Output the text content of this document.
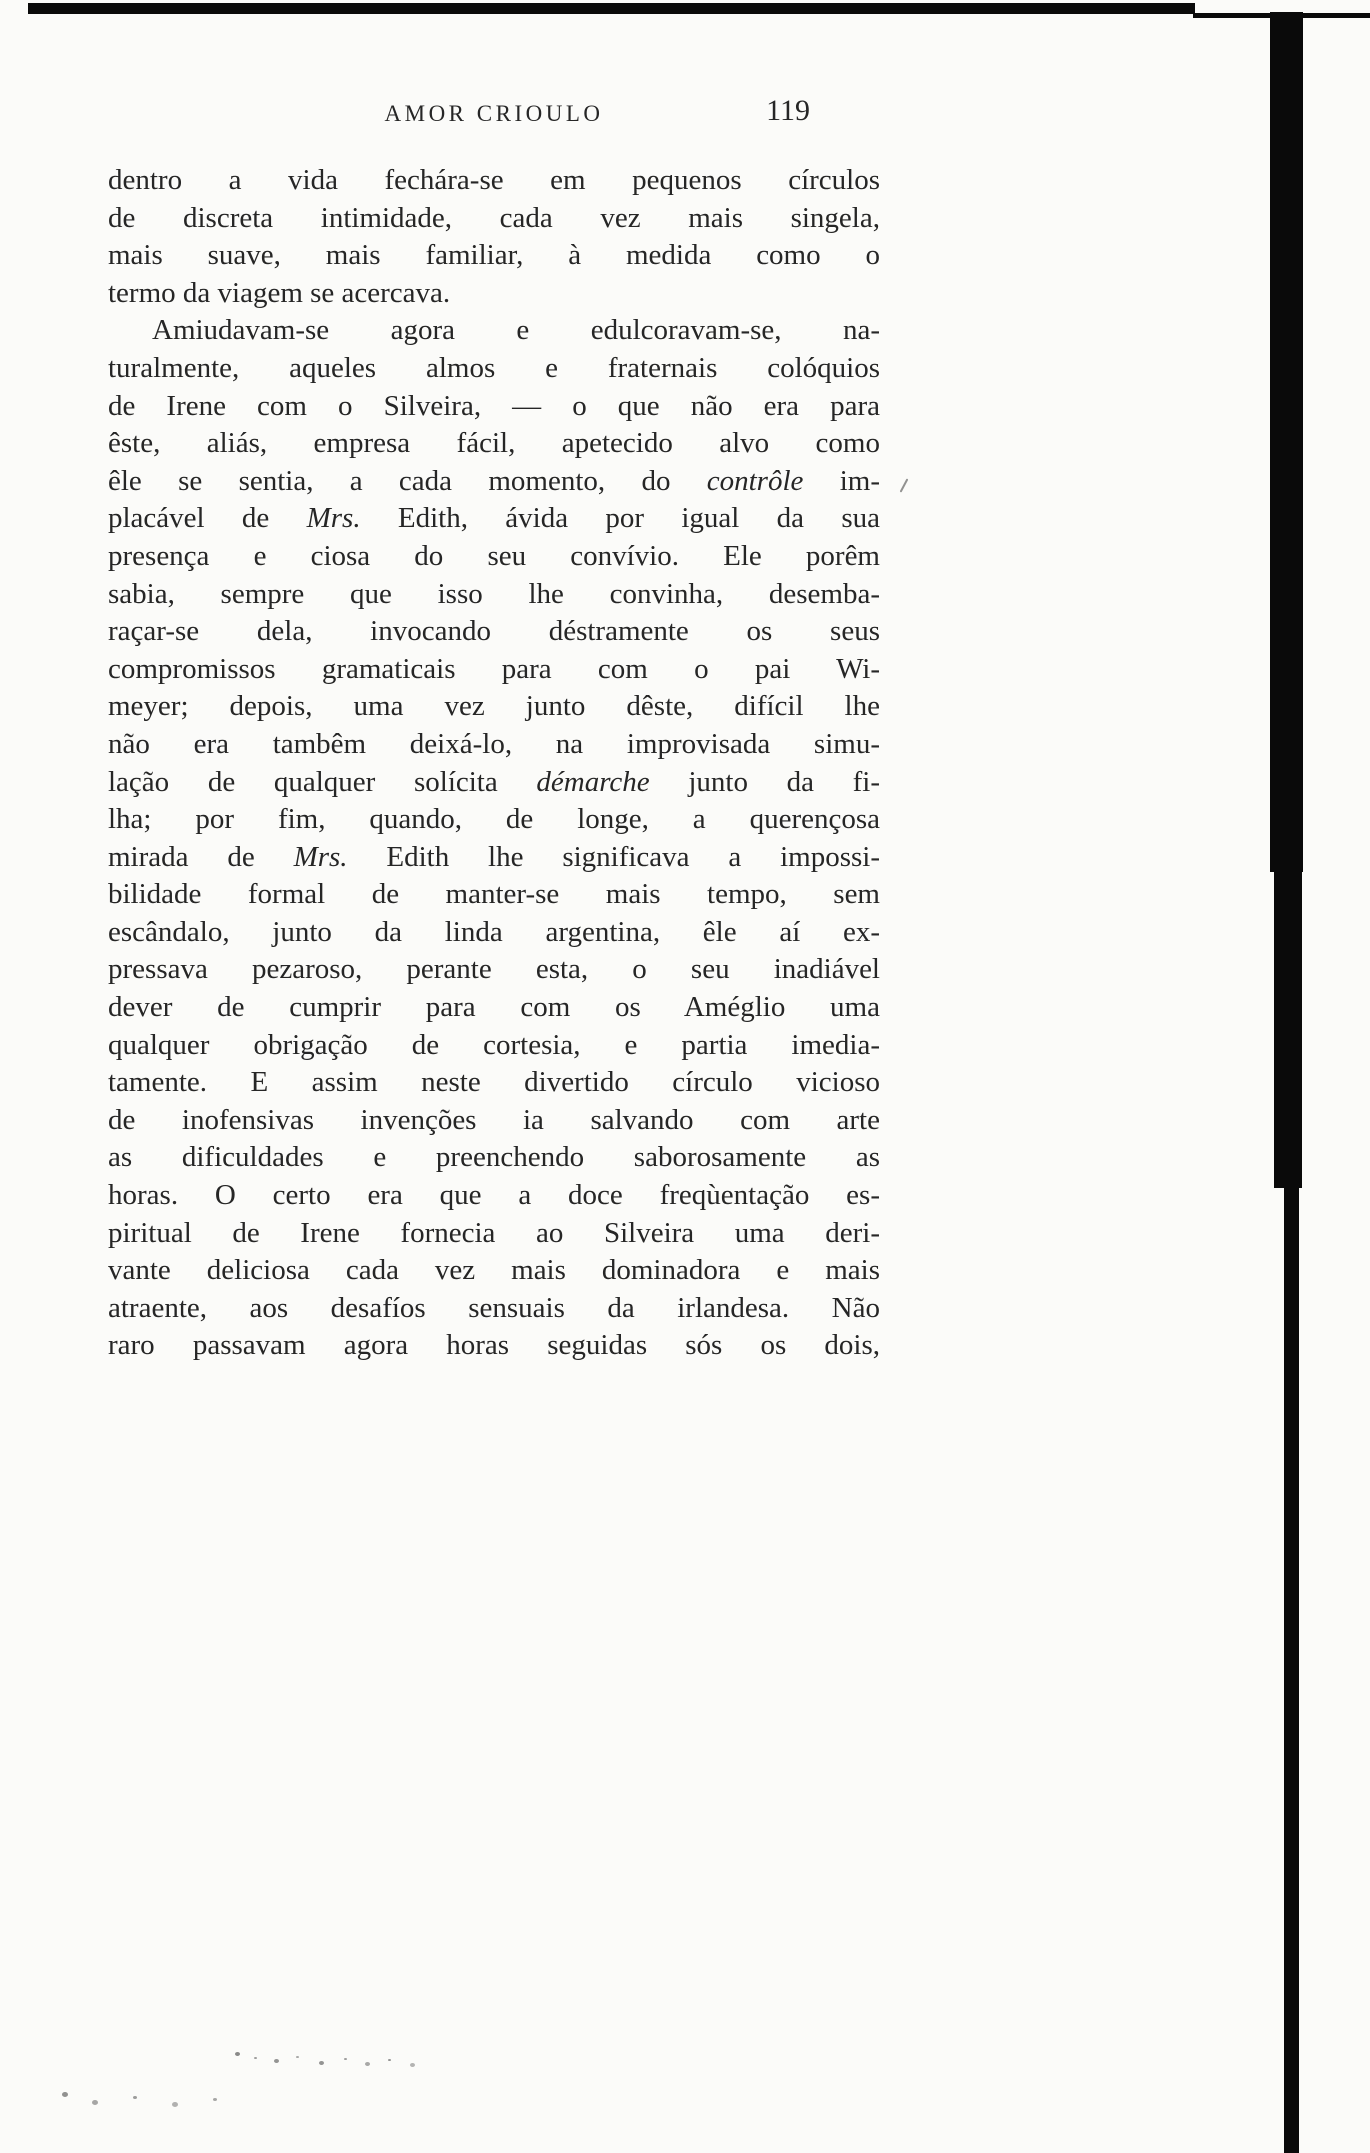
AMOR CRIOULO	119
dentro a vida fechára-se em pequenos círculos
de discreta intimidade, cada vez mais singela,
mais suave, mais familiar, à medida como o
termo da viagem se acercava.
Amiudavam-se agora e edulcoravam-se, na-
turalmente, aqueles almos e fraternais colóquios
de Irene com o Silveira, — o que não era para
êste, aliás, empresa fácil, apetecido alvo como
êle se sentia, a cada momento, do contrôle im-
placável de Mrs. Edith, ávida por igual da sua
presença e ciosa do seu convívio. Ele porêm
sabia, sempre que isso lhe convinha, desemba-
raçar-se dela, invocando déstramente os seus
compromissos gramaticais para com o pai Wi-
meyer; depois, uma vez junto dêste, difícil lhe
não era tambêm deixá-lo, na improvisada simu-
lação de qualquer solícita démarche junto da fi-
lha; por fim, quando, de longe, a querençosa
mirada de Mrs. Edith lhe significava a impossi-
bilidade formal de manter-se mais tempo, sem
escândalo, junto da linda argentina, êle aí ex-
pressava pezaroso, perante esta, o seu inadiável
dever de cumprir para com os Améglio uma
qualquer obrigação de cortesia, e partia imedia-
tamente. E assim neste divertido círculo vicioso
de inofensivas invenções ia salvando com arte
as dificuldades e preenchendo saborosamente as
horas. O certo era que a doce freqùentação es-
piritual de Irene fornecia ao Silveira uma deri-
vante deliciosa cada vez mais dominadora e mais
atraente, aos desafíos sensuais da irlandesa. Não
raro passavam agora horas seguidas sós os dois,
